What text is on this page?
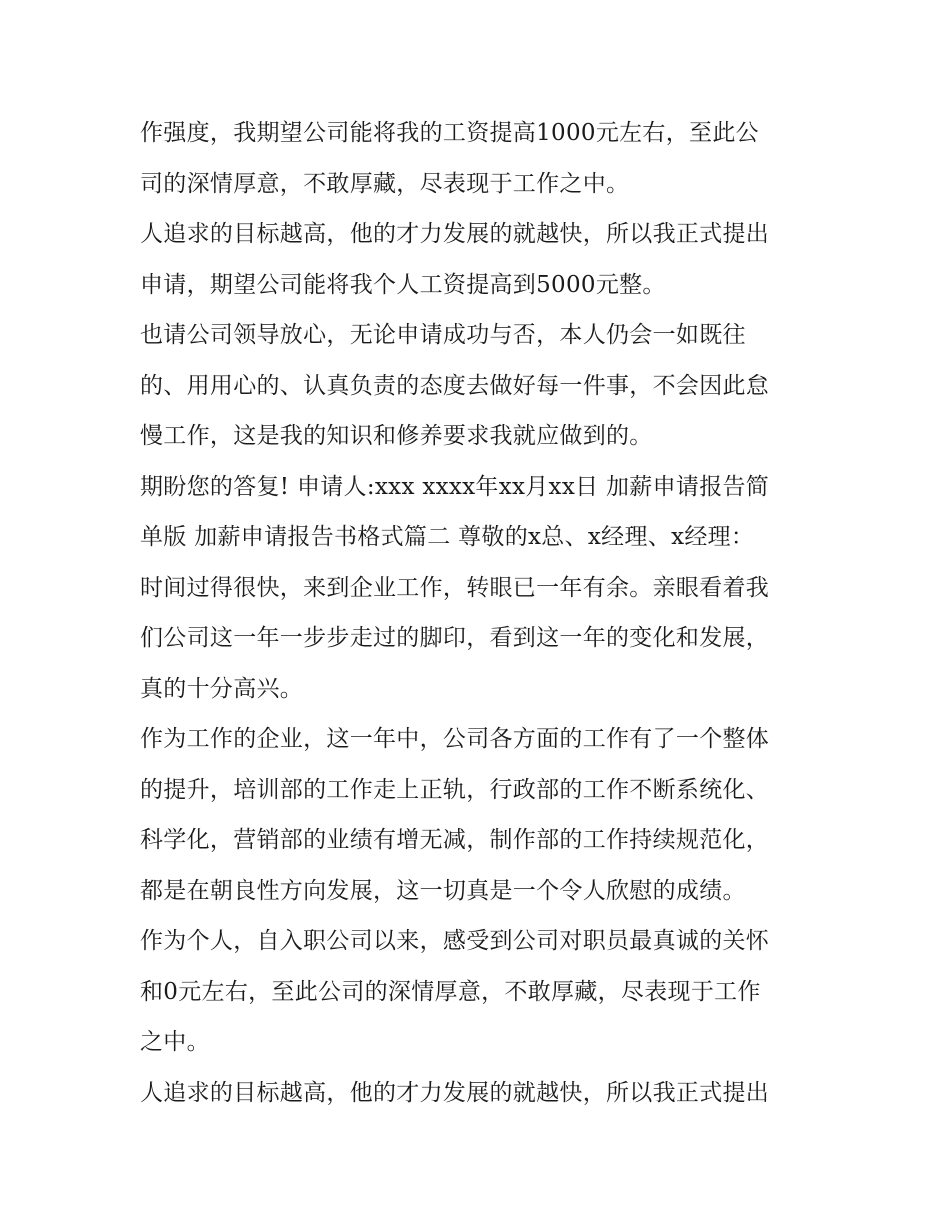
作强度，我期望公司能将我的工资提高1000元左右，至此公
司的深情厚意，不敢厚藏，尽表现于工作之中。
人追求的目标越高，他的才力发展的就越快，所以我正式提出
申请，期望公司能将我个人工资提高到5000元整。
也请公司领导放心，无论申请成功与否，本人仍会一如既往
的、用用心的、认真负责的态度去做好每一件事，不会因此怠
慢工作，这是我的知识和修养要求我就应做到的。
期盼您的答复! 申请人:xxx xxxx年xx月xx日 加薪申请报告简
单版 加薪申请报告书格式篇二 尊敬的x总、x经理、x经理：
时间过得很快，来到企业工作，转眼已一年有余。亲眼看着我
们公司这一年一步步走过的脚印，看到这一年的变化和发展，
真的十分高兴。
作为工作的企业，这一年中，公司各方面的工作有了一个整体
的提升，培训部的工作走上正轨，行政部的工作不断系统化、
科学化，营销部的业绩有增无减，制作部的工作持续规范化，
都是在朝良性方向发展，这一切真是一个令人欣慰的成绩。
作为个人，自入职公司以来，感受到公司对职员最真诚的关怀
和0元左右，至此公司的深情厚意，不敢厚藏，尽表现于工作
之中。
人追求的目标越高，他的才力发展的就越快，所以我正式提出
